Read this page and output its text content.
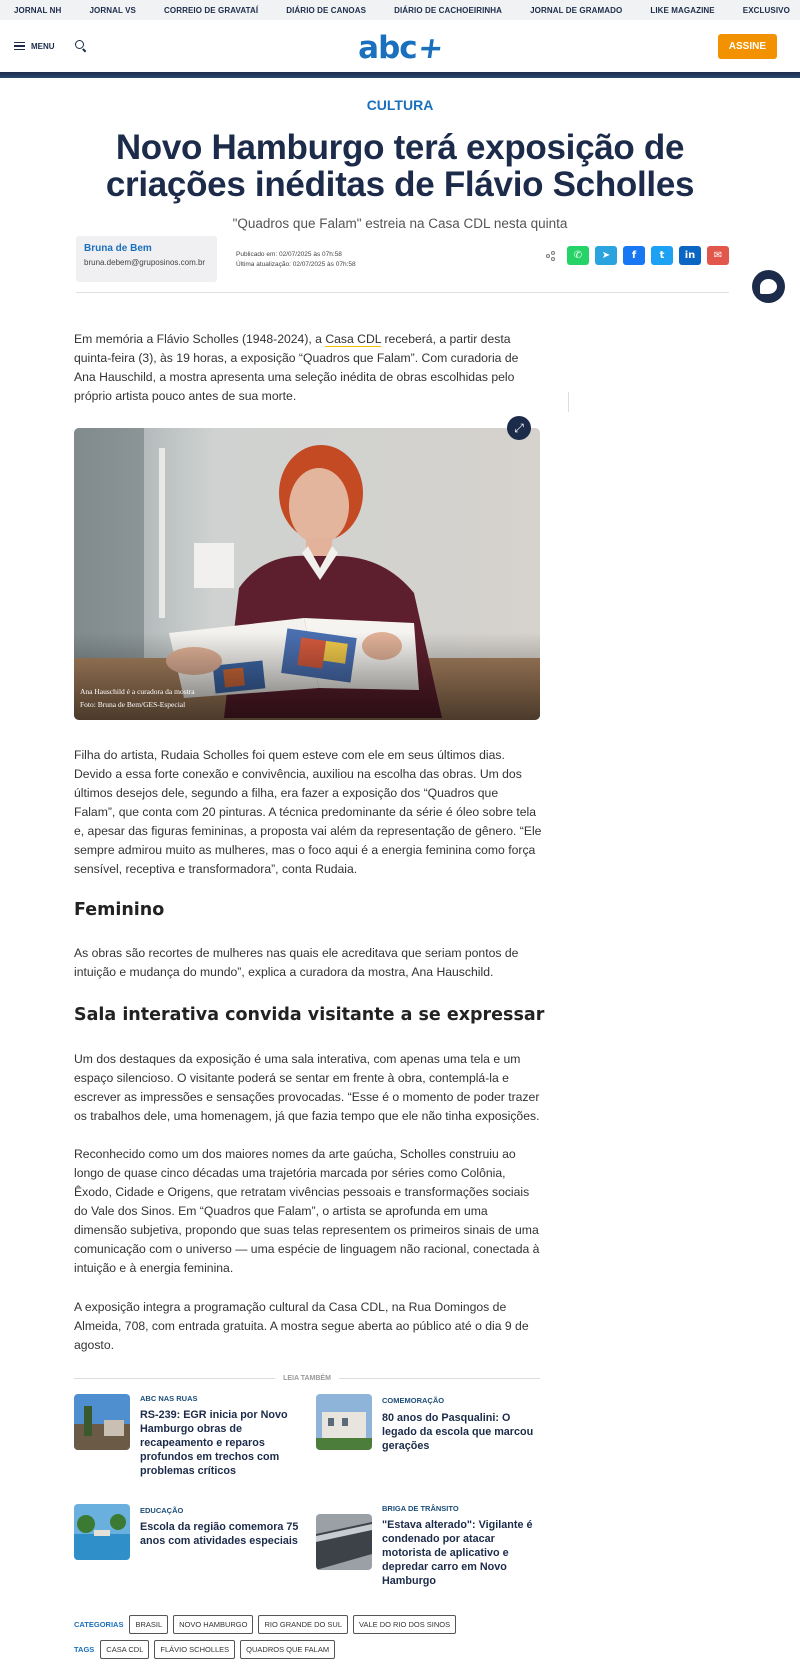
JORNAL NH	JORNAL VS	CORREIO DE GRAVATAÍ	DIÁRIO DE CANOAS	DIÁRIO DE CACHOEIRINHA	JORNAL DE GRAMADO	LIKE MAGAZINE	EXCLUSIVO
MENU	abc
+	ASSINE
CULTURA
Novo Hamburgo terá exposição de criações inéditas de Flávio Scholles
"Quadros que Falam" estreia na Casa CDL nesta quinta
Bruna de Bem
bruna.debem@gruposinos.com.br
Publicado em: 02/07/2025 às 07h:58
Última atualização: 02/07/2025 às 07h:58
✆	➤	f	t	in	✉

Em memória a Flávio Scholles (1948-2024), a Casa CDL receberá, a partir desta quinta-feira (3), às 19 horas, a exposição “Quadros que Falam”. Com curadoria de Ana Hauschild, a mostra apresenta uma seleção inédita de obras escolhidas pelo próprio artista pouco antes de sua morte.

Ana Hauschild é a curadora da mostra
Foto: Bruna de Bem/GES-Especial
⤢

Filha do artista, Rudaia Scholles foi quem esteve com ele em seus últimos dias. Devido a essa forte conexão e convivência, auxiliou na escolha das obras. Um dos últimos desejos dele, segundo a filha, era fazer a exposição dos “Quadros que Falam”, que conta com 20 pinturas. A técnica predominante da série é óleo sobre tela e, apesar das figuras femininas, a proposta vai além da representação de gênero. “Ele sempre admirou muito as mulheres, mas o foco aqui é a energia feminina como força sensível, receptiva e transformadora”, conta Rudaia.

Feminino

As obras são recortes de mulheres nas quais ele acreditava que seriam pontos de intuição e mudança do mundo”, explica a curadora da mostra, Ana Hauschild.

Sala interativa convida visitante a se expressar

Um dos destaques da exposição é uma sala interativa, com apenas uma tela e um espaço silencioso. O visitante poderá se sentar em frente à obra, contemplá-la e escrever as impressões e sensações provocadas. “Esse é o momento de poder trazer os trabalhos dele, uma homenagem, já que fazia tempo que ele não tinha exposições.

Reconhecido como um dos maiores nomes da arte gaúcha, Scholles construiu ao longo de quase cinco décadas uma trajetória marcada por séries como Colônia, Êxodo, Cidade e Origens, que retratam vivências pessoais e transformações sociais do Vale dos Sinos. Em “Quadros que Falam”, o artista se aprofunda em uma dimensão subjetiva, propondo que suas telas representem os primeiros sinais de uma comunicação com o universo — uma espécie de linguagem não racional, conectada à intuição e à energia feminina.

A exposição integra a programação cultural da Casa CDL, na Rua Domingos de Almeida, 708, com entrada gratuita. A mostra segue aberta ao público até o dia 9 de agosto.

LEIA TAMBÉM
ABC NAS RUAS
RS-239: EGR inicia por Novo Hamburgo obras de recapeamento e reparos profundos em trechos com problemas críticos
COMEMORAÇÃO
80 anos do Pasqualini: O legado da escola que marcou gerações
EDUCAÇÃO
Escola da região comemora 75 anos com atividades especiais
BRIGA DE TRÂNSITO
"Estava alterado": Vigilante é condenado por atacar motorista de aplicativo e depredar carro em Novo Hamburgo
CATEGORIAS	BRASIL	NOVO HAMBURGO	RIO GRANDE DO SUL	VALE DO RIO DOS SINOS
TAGS	CASA CDL	FLÁVIO SCHOLLES	QUADROS QUE FALAM
